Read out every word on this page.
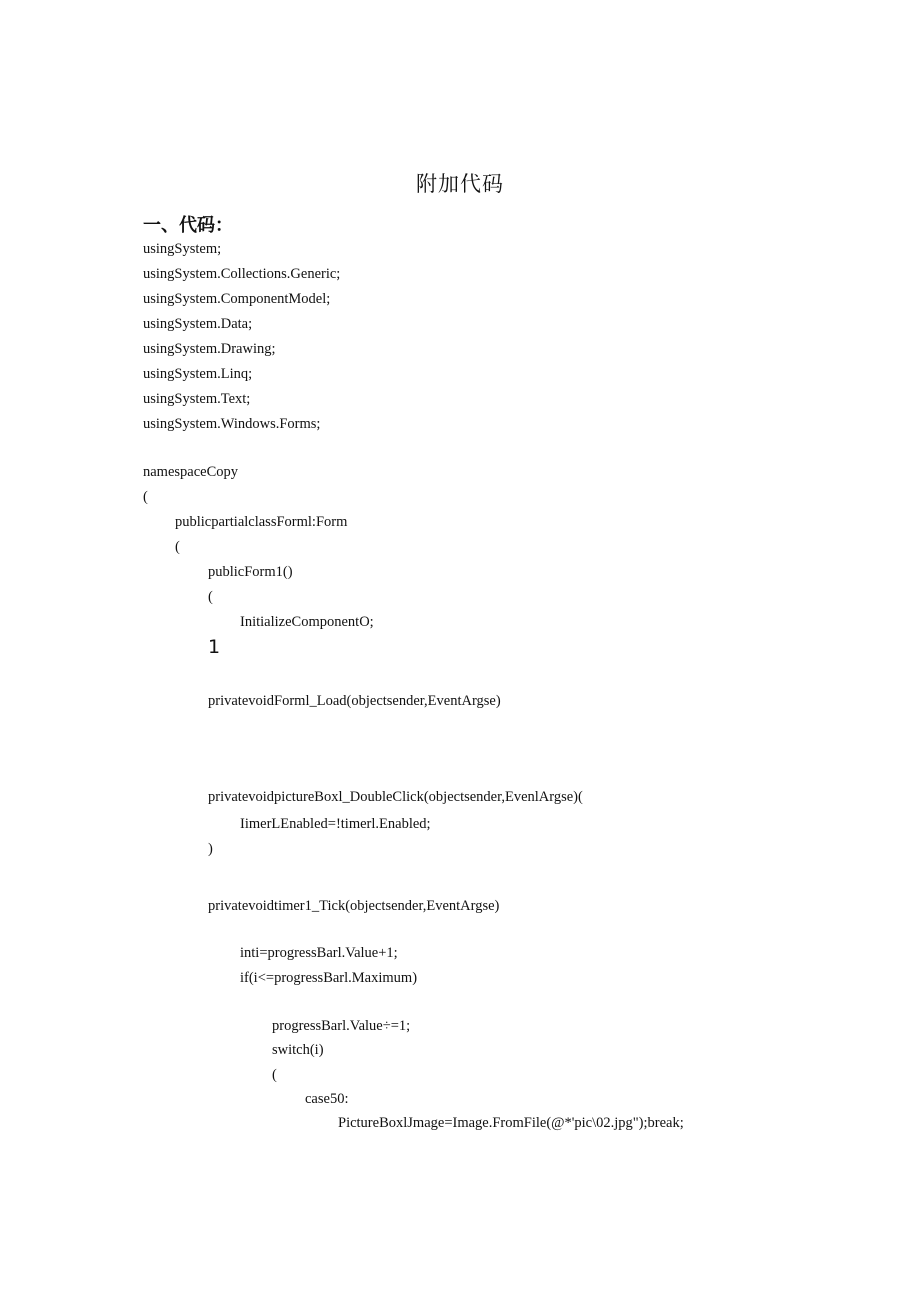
附加代码
一、代码：
usingSystem;
usingSystem.Collections.Generic;
usingSystem.ComponentModel;
usingSystem.Data;
usingSystem.Drawing;
usingSystem.Linq;
usingSystem.Text;
usingSystem.Windows.Forms;
namespaceCopy
(
publicpartialclassForml:Form
(
publicForm1()
(
InitializeComponentO;
1
privatevoidForml_Load(objectsender,EventArgse)
privatevoidpictureBoxl_DoubleClick(objectsender,EvenlArgse)(
IimerLEnabled=!timerl.Enabled;
)
privatevoidtimer1_Tick(objectsender,EventArgse)
inti=progressBarl.Value+1;
if(i<=progressBarl.Maximum)
progressBarl.Value÷=1;
switch(i)
(
case50:
PictureBoxlJmage=Image.FromFile(@*'pic\02.jpg");break;
